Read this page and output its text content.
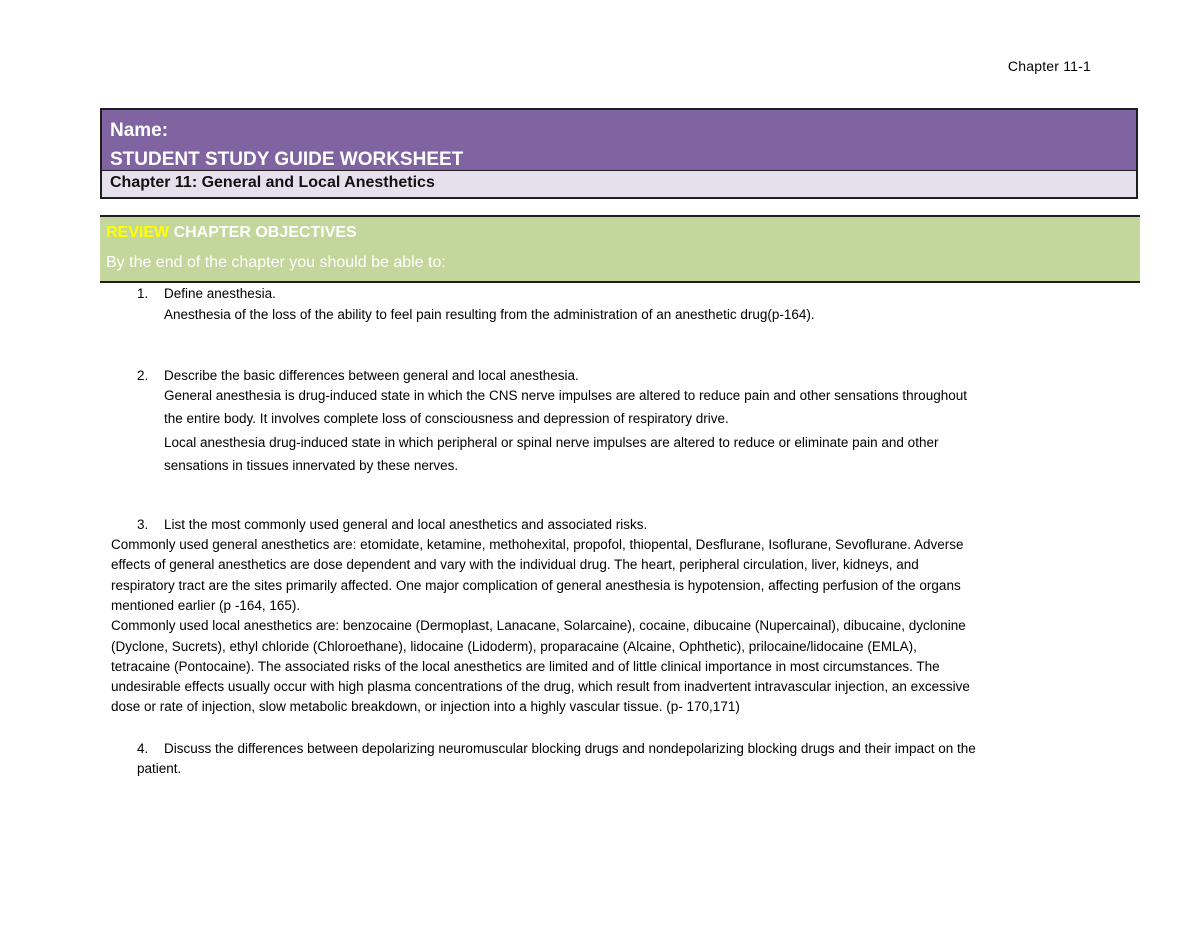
Chapter 11-1
Name:
STUDENT STUDY GUIDE WORKSHEET
Chapter 11: General and Local Anesthetics
REVIEW CHAPTER OBJECTIVES
By the end of the chapter you should be able to:
1. Define anesthesia.
Anesthesia of the loss of the ability to feel pain resulting from the administration of an anesthetic drug(p-164).
2. Describe the basic differences between general and local anesthesia.
General anesthesia is drug-induced state in which the CNS nerve impulses are altered to reduce pain and other sensations throughout
the entire body. It involves complete loss of consciousness and depression of respiratory drive.
Local anesthesia drug-induced state in which peripheral or spinal nerve impulses are altered to reduce or eliminate pain and other
sensations in tissues innervated by these nerves.
3. List the most commonly used general and local anesthetics and associated risks.
Commonly used general anesthetics are: etomidate, ketamine, methohexital, propofol, thiopental, Desflurane, Isoflurane, Sevoflurane. Adverse
effects of general anesthetics are dose dependent and vary with the individual drug. The heart, peripheral circulation, liver, kidneys, and
respiratory tract are the sites primarily affected. One major complication of general anesthesia is hypotension, affecting perfusion of the organs
mentioned earlier (p -164, 165).
Commonly used local anesthetics are: benzocaine (Dermoplast, Lanacane, Solarcaine), cocaine, dibucaine (Nupercainal), dibucaine, dyclonine
(Dyclone, Sucrets), ethyl chloride (Chloroethane), lidocaine (Lidoderm), proparacaine (Alcaine, Ophthetic), prilocaine/lidocaine (EMLA),
tetracaine (Pontocaine). The associated risks of the local anesthetics are limited and of little clinical importance in most circumstances. The
undesirable effects usually occur with high plasma concentrations of the drug, which result from inadvertent intravascular injection, an excessive
dose or rate of injection, slow metabolic breakdown, or injection into a highly vascular tissue. (p- 170,171)
4. Discuss the differences between depolarizing neuromuscular blocking drugs and nondepolarizing blocking drugs and their impact on the
patient.
